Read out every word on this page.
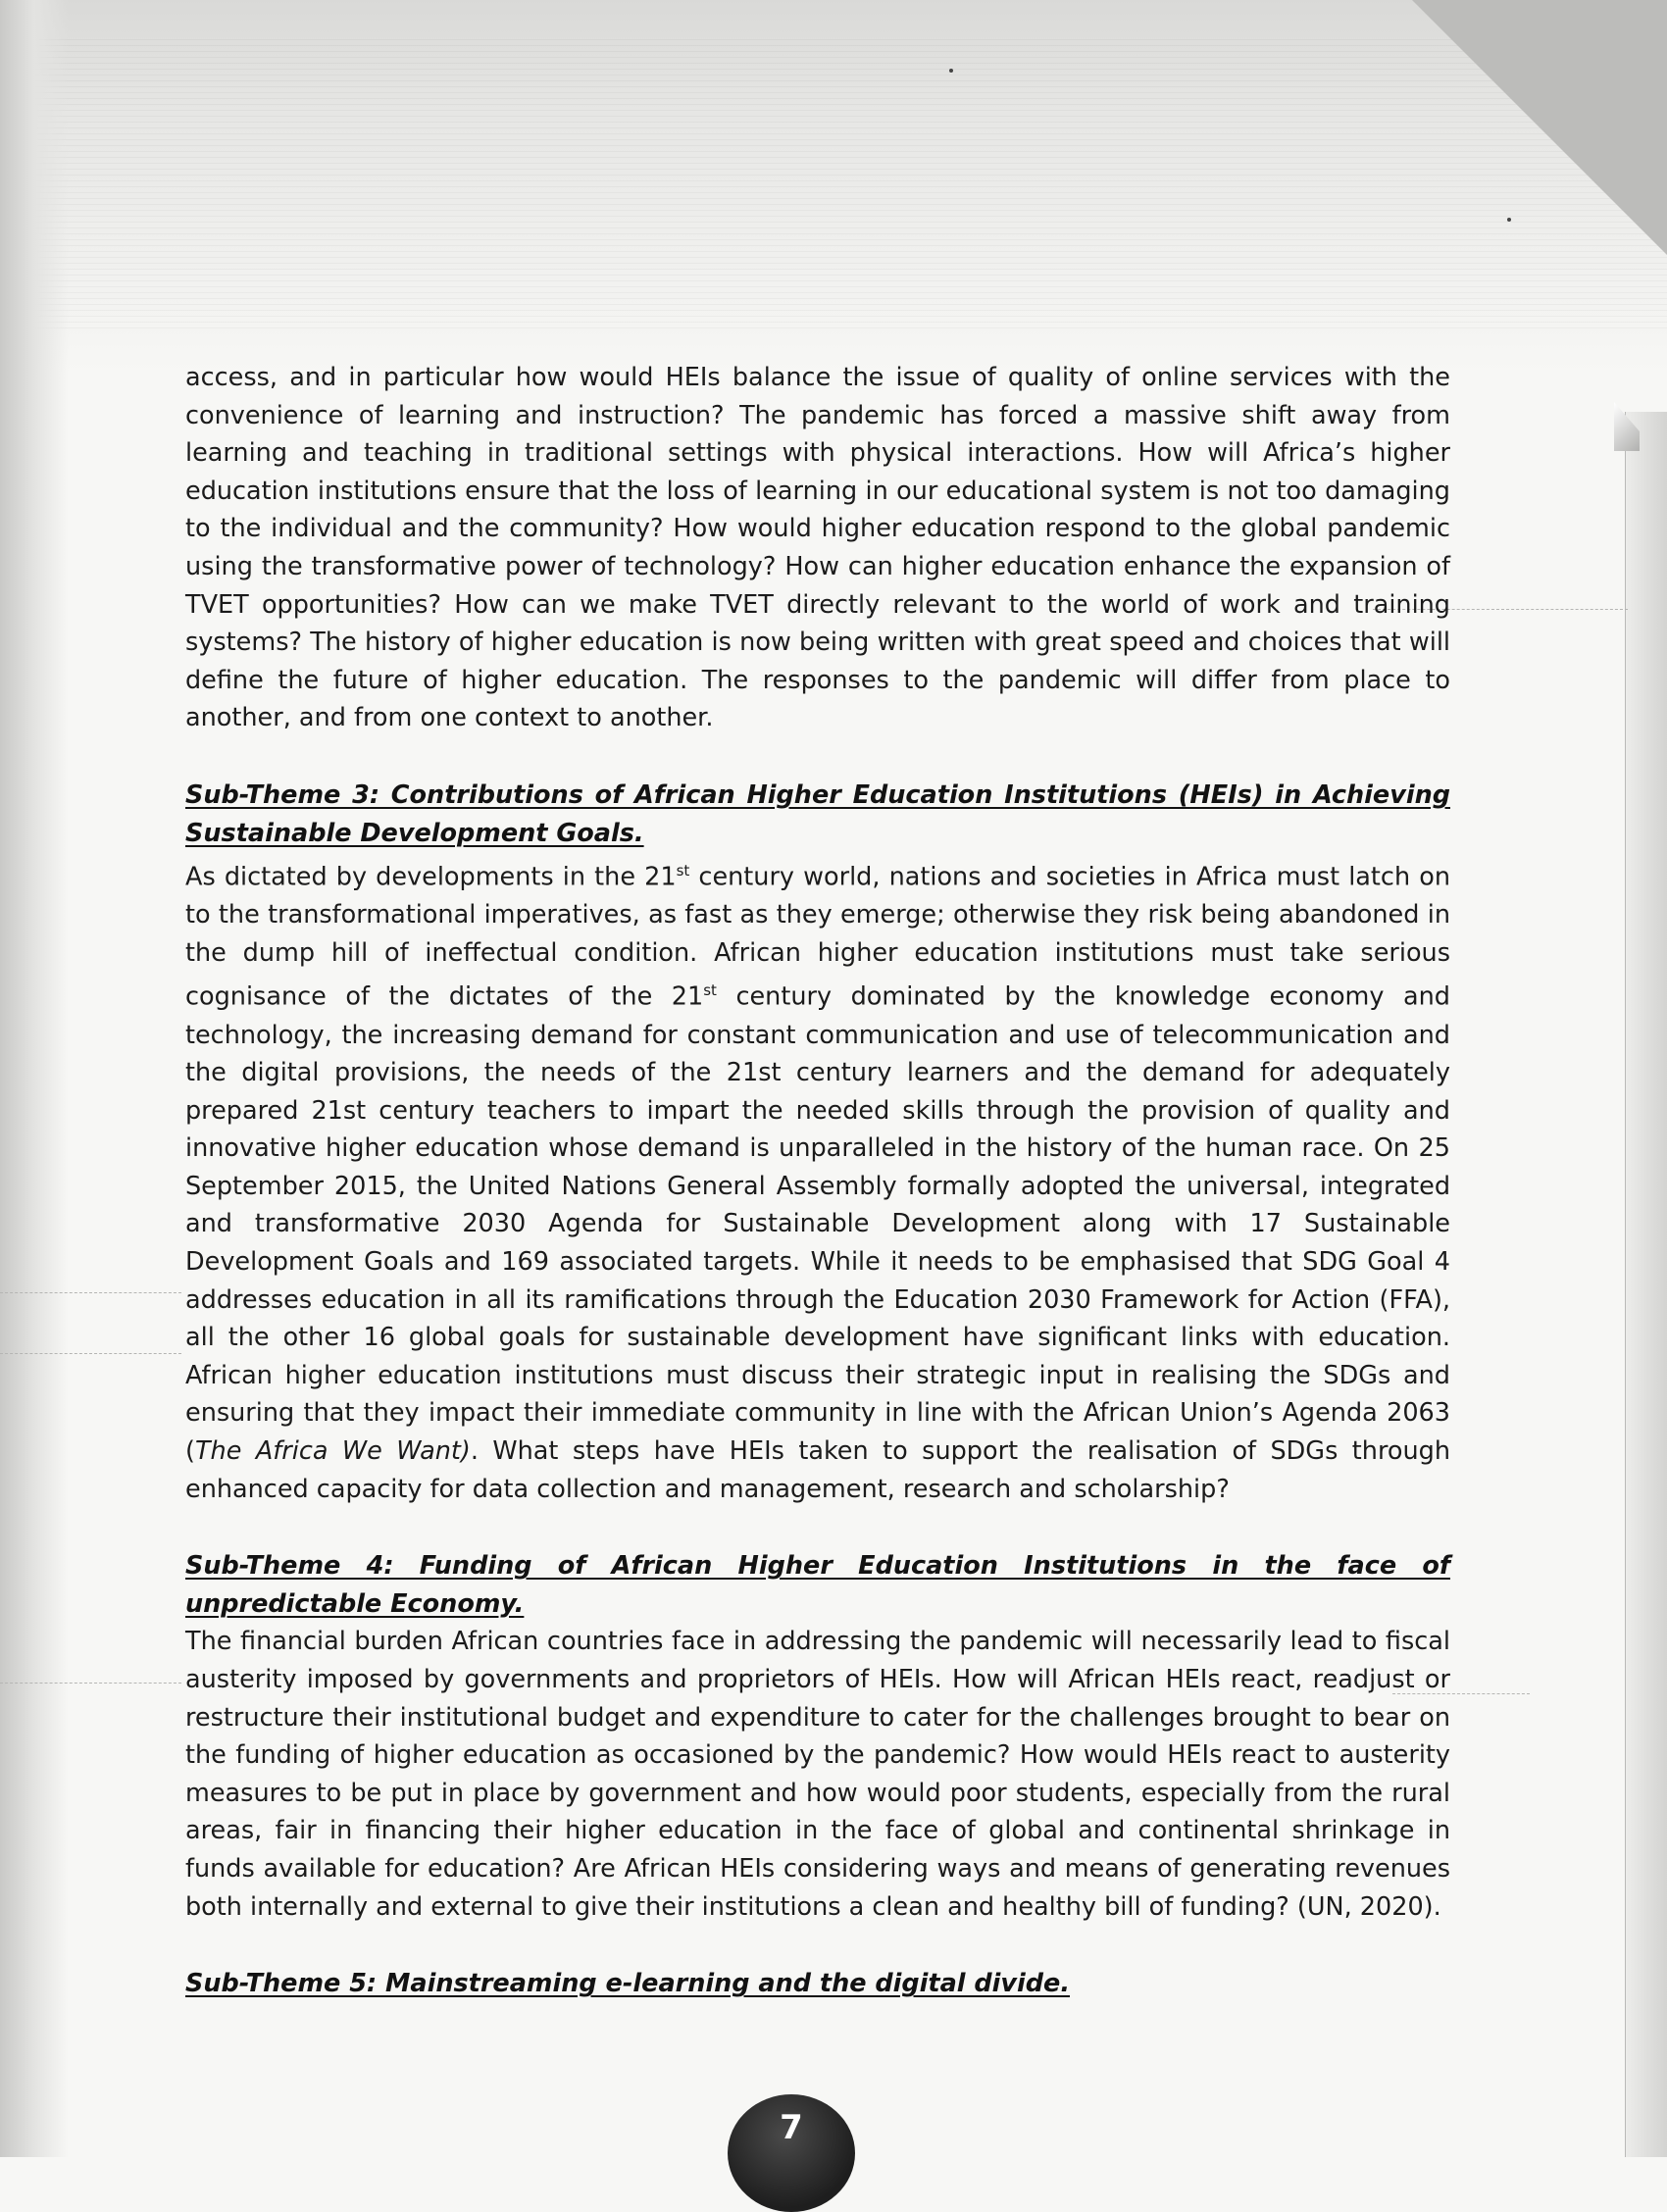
access, and in particular how would HEIs balance the issue of quality of online services with the convenience of learning and instruction? The pandemic has forced a massive shift away from learning and teaching in traditional settings with physical interactions. How will Africa’s higher education institutions ensure that the loss of learning in our educational system is not too damaging to the individual and the community? How would higher education respond to the global pandemic using the transformative power of technology? How can higher education enhance the expansion of TVET opportunities? How can we make TVET directly relevant to the world of work and training systems? The history of higher education is now being written with great speed and choices that will define the future of higher education. The responses to the pandemic will differ from place to another, and from one context to another.

Sub-Theme 3: Contributions of African Higher Education Institutions (HEIs) in Achieving Sustainable Development Goals.

As dictated by developments in the 21st century world, nations and societies in Africa must latch on to the transformational imperatives, as fast as they emerge; otherwise they risk being abandoned in the dump hill of ineffectual condition. African higher education institutions must take serious cognisance of the dictates of the 21st century dominated by the knowledge economy and technology, the increasing demand for constant communication and use of telecommunication and the digital provisions, the needs of the 21st century learners and the demand for adequately prepared 21st century teachers to impart the needed skills through the provision of quality and innovative higher education whose demand is unparalleled in the history of the human race. On 25 September 2015, the United Nations General Assembly formally adopted the universal, integrated and transformative 2030 Agenda for Sustainable Development along with 17 Sustainable Development Goals and 169 associated targets. While it needs to be emphasised that SDG Goal 4 addresses education in all its ramifications through the Education 2030 Framework for Action (FFA), all the other 16 global goals for sustainable development have significant links with education. African higher education institutions must discuss their strategic input in realising the SDGs and ensuring that they impact their immediate community in line with the African Union’s Agenda 2063 (The Africa We Want). What steps have HEIs taken to support the realisation of SDGs through enhanced capacity for data collection and management, research and scholarship?

Sub-Theme 4: Funding of African Higher Education Institutions in the face of unpredictable Economy.

The financial burden African countries face in addressing the pandemic will necessarily lead to fiscal austerity imposed by governments and proprietors of HEIs. How will African HEIs react, readjust or restructure their institutional budget and expenditure to cater for the challenges brought to bear on the funding of higher education as occasioned by the pandemic? How would HEIs react to austerity measures to be put in place by government and how would poor students, especially from the rural areas, fair in financing their higher education in the face of global and continental shrinkage in funds available for education? Are African HEIs considering ways and means of generating revenues both internally and external to give their institutions a clean and healthy bill of funding? (UN, 2020).

Sub-Theme 5: Mainstreaming e-learning and the digital divide.

7
